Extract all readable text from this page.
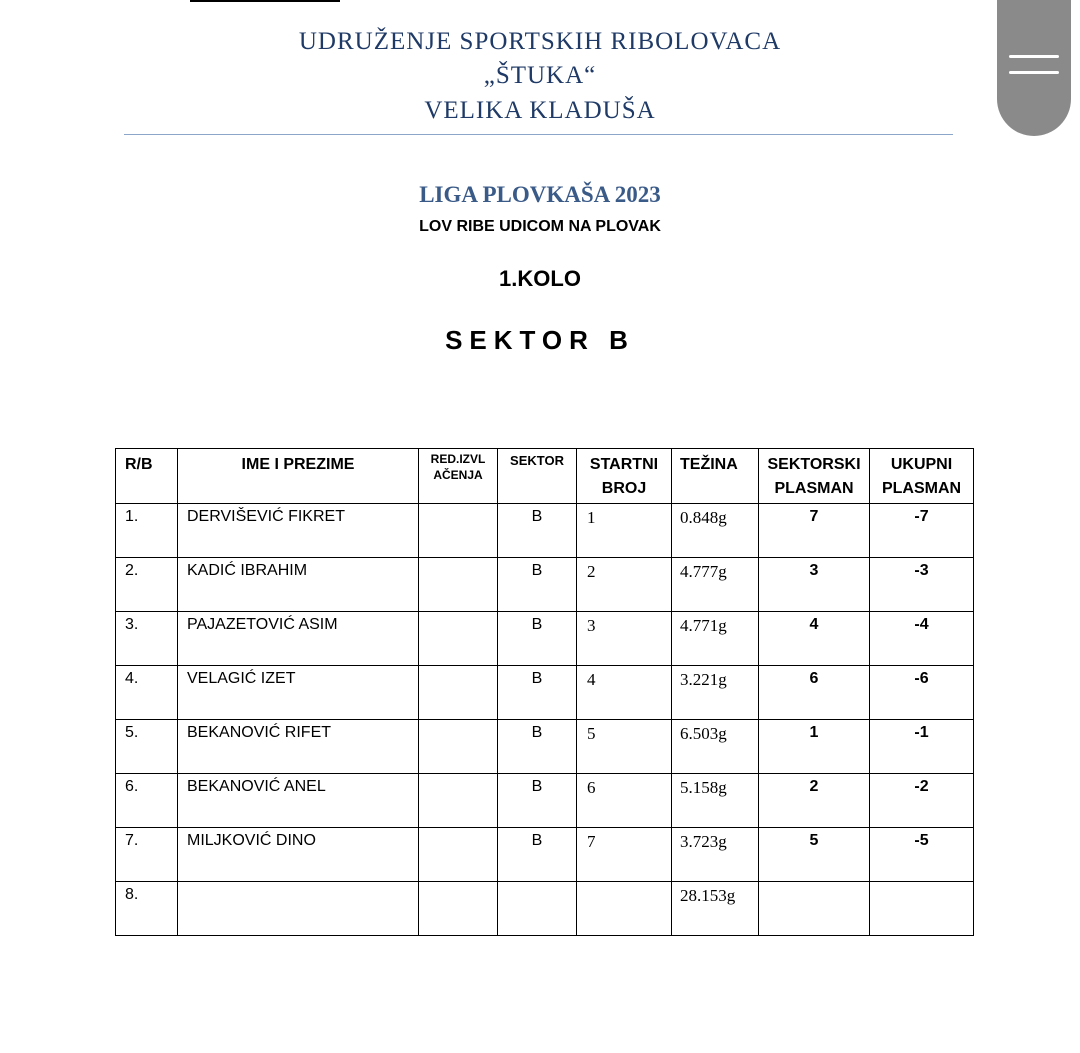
UDRUŽENJE SPORTSKIH RIBOLOVACA
„ŠTUKA“
VELIKA KLADUŠA
LIGA PLOVKAŠA 2023
LOV RIBE UDICOM NA PLOVAK
1.KOLO
SEKTOR B
R/B	IME I PREZIME	RED.IZVL AČENJA	SEKTOR	STARTNI BROJ	TEŽINA	SEKTORSKI PLASMAN	UKUPNI PLASMAN
1.	DERVIŠEVIĆ FIKRET		B	1	0.848g	7	-7
2.	KADIĆ IBRAHIM		B	2	4.777g	3	-3
3.	PAJAZETOVIĆ ASIM		B	3	4.771g	4	-4
4.	VELAGIĆ IZET		B	4	3.221g	6	-6
5.	BEKANOVIĆ RIFET		B	5	6.503g	1	-1
6.	BEKANOVIĆ ANEL		B	6	5.158g	2	-2
7.	MILJKOVIĆ DINO		B	7	3.723g	5	-5
8.					28.153g		
